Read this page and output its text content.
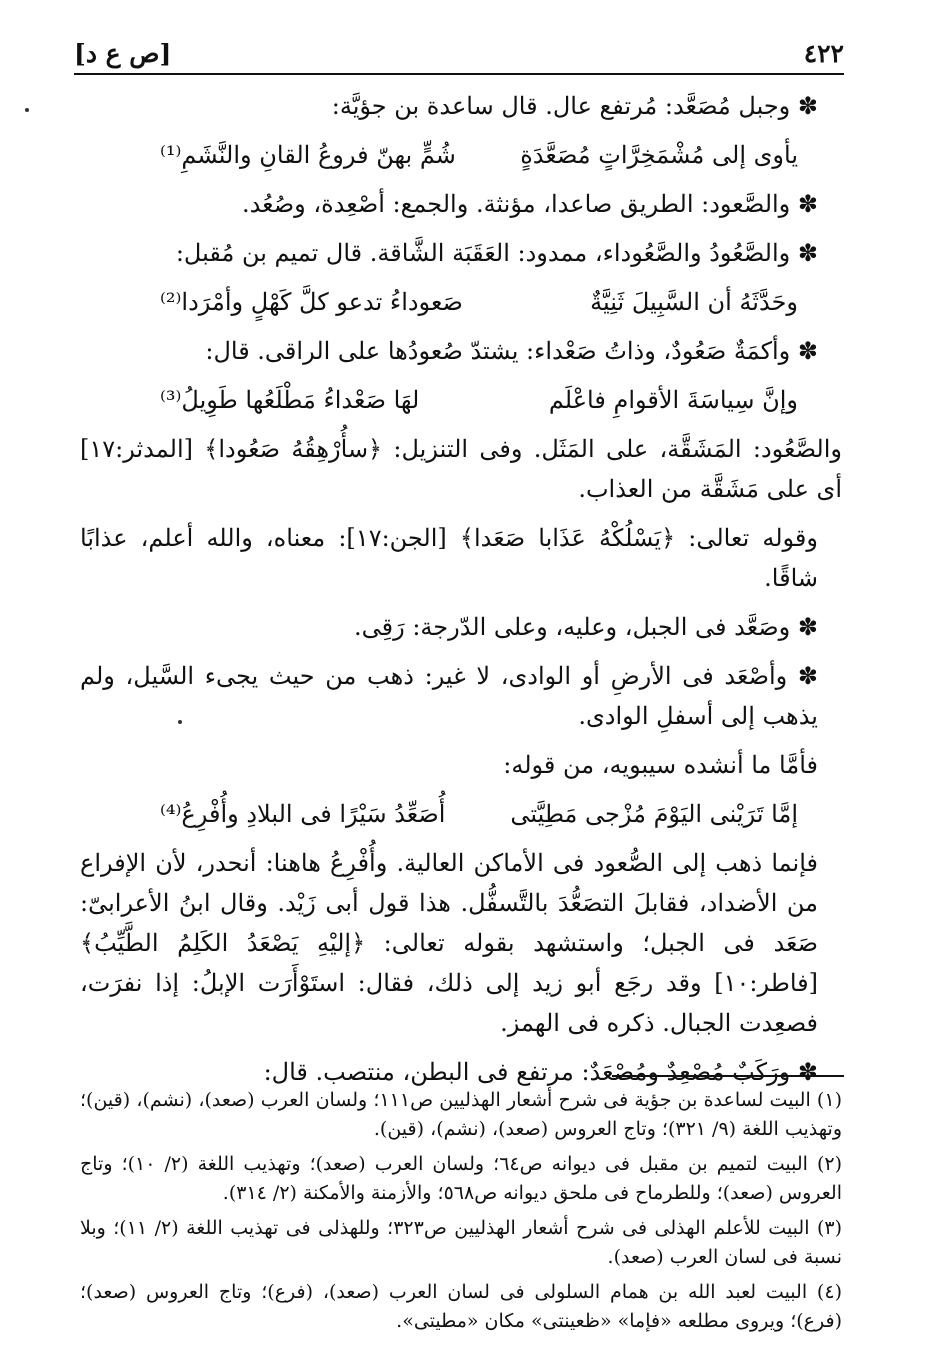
٤٢٢
[ص ع د]

✽ وجبل مُصَعَّد: مُرتفع عال. قال ساعدة بن جؤيَّة:

يأوى إلى مُشْمَخِرَّاتٍ مُصَعَّدَةٍ
شُمٍّ بهنّ فروعُ القانِ والنَّشَمِ⁽¹⁾

✽ والصَّعود: الطريق صاعدا، مؤنثة. والجمع: أصْعِدة، وصُعُد.

✽ والصَّعُودُ والصَّعُوداء، ممدود: العَقَبَة الشَّاقة. قال تميم بن مُقبل:

وحَدَّثَهُ أن السَّبِيلَ ثَنِيَّةٌ
صَعوداءُ تدعو كلَّ كَهْلٍ وأمْرَدا⁽²⁾

✽ وأكمَةٌ صَعُودٌ، وذاتُ صَعْداء: يشتدّ صُعودُها على الراقى. قال:

وإنَّ سِياسَةَ الأقوامِ فاعْلَم
لهَا صَعْداءُ مَطْلَعُها طَوِيلُ⁽³⁾

والصَّعُود: المَشَقَّة، على المَثَل. وفى التنزيل: ﴿سأُرْهِقُهُ صَعُودا﴾ [المدثر:١٧] أى على مَشَقَّة من العذاب.

وقوله تعالى: ﴿يَسْلُكْهُ عَذَابا صَعَدا﴾ [الجن:١٧]: معناه، والله أعلم، عذابًا شاقًا.

✽ وصَعَّد فى الجبل، وعليه، وعلى الدّرجة: رَقِى.

✽ وأصْعَد فى الأرضِ أو الوادى، لا غير: ذهب من حيث يجىء السَّيل، ولم يذهب إلى أسفلِ الوادى.

فأمَّا ما أنشده سيبويه، من قوله:

إمَّا تَرَيْنى اليَوْمَ مُزْجى مَطِيَّتى
أُصَعِّدُ سَيْرًا فى البلادِ وأُفْرِعُ⁽⁴⁾

فإنما ذهب إلى الصُّعود فى الأماكن العالية. وأُفْرِعُ هاهنا: أنحدر، لأن الإفراع من الأضداد، فقابلَ التصَعُّدَ بالتَّسفُّل. هذا قول أبى زَيْد. وقال ابنُ الأعرابىّ: صَعَد فى الجبل؛ واستشهد بقوله تعالى: ﴿إليْهِ يَصْعَدُ الكَلِمُ الطَّيِّبُ﴾ [فاطر:١٠] وقد رجَع أبو زيد إلى ذلك، فقال: استَوْأَرَت الإبلُ: إذا نفرَت، فصعِدت الجبال. ذكره فى الهمز.

✽ ورَكَبٌ مُصْعِدٌ ومُصْعَدٌ: مرتفع فى البطن، منتصب. قال:

(١) البيت لساعدة بن جؤية فى شرح أشعار الهذليين ص١١١؛ ولسان العرب (صعد)، (نشم)، (قين)؛ وتهذيب اللغة (٩/ ٣٢١)؛ وتاج العروس (صعد)، (نشم)، (قين).

(٢) البيت لتميم بن مقبل فى ديوانه ص٦٤؛ ولسان العرب (صعد)؛ وتهذيب اللغة (٢/ ١٠)؛ وتاج العروس (صعد)؛ وللطرماح فى ملحق ديوانه ص٥٦٨؛ والأزمنة والأمكنة (٢/ ٣١٤).

(٣) البيت للأعلم الهذلى فى شرح أشعار الهذليين ص٣٢٣؛ وللهذلى فى تهذيب اللغة (٢/ ١١)؛ وبلا نسبة فى لسان العرب (صعد).

(٤) البيت لعبد الله بن همام السلولى فى لسان العرب (صعد)، (فرع)؛ وتاج العروس (صعد)؛ (فرع)؛ ويروى مطلعه «فإما» «ظعينتى» مكان «مطيتى».
